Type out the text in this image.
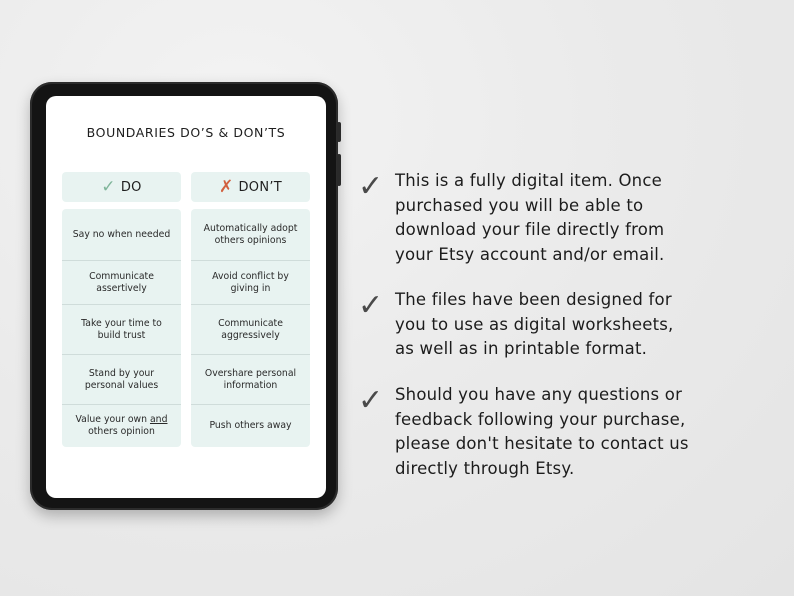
BOUNDARIES DO’S & DON’TS
✓ DO
Say no when needed
Communicate assertively
Take your time to build trust
Stand by your personal values
Value your own and others opinion
✗ DON’T
Automatically adopt others opinions
Avoid conflict by giving in
Communicate aggressively
Overshare personal information
Push others away
✓ This is a fully digital item. Once purchased you will be able to download your file directly from your Etsy account and/or email.
✓ The files have been designed for you to use as digital worksheets, as well as in printable format.
✓ Should you have any questions or feedback following your purchase, please don't hesitate to contact us directly through Etsy.
